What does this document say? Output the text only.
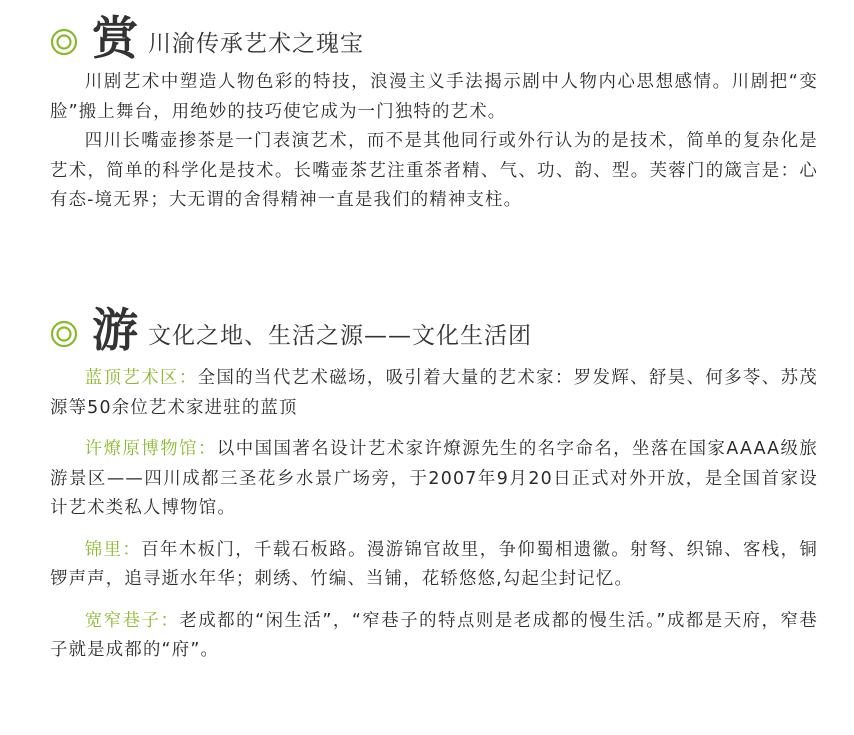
赏 川渝传承艺术之瑰宝

川剧艺术中塑造人物色彩的特技，浪漫主义手法揭示剧中人物内心思想感情。川剧把“变脸”搬上舞台，用绝妙的技巧使它成为一门独特的艺术。

四川长嘴壶掺茶是一门表演艺术，而不是其他同行或外行认为的是技术，简单的复杂化是艺术，简单的科学化是技术。长嘴壶茶艺注重茶者精、气、功、韵、型。芙蓉门的箴言是：心有态-境无界；大无谓的舍得精神一直是我们的精神支柱。

游 文化之地、生活之源——文化生活团

蓝顶艺术区：全国的当代艺术磁场，吸引着大量的艺术家：罗发辉、舒昊、何多苓、苏茂源等50余位艺术家进驻的蓝顶

许燎原博物馆：以中国国著名设计艺术家许燎源先生的名字命名，坐落在国家AAAA级旅游景区——四川成都三圣花乡水景广场旁，于2007年9月20日正式对外开放，是全国首家设计艺术类私人博物馆。

锦里：百年木板门，千载石板路。漫游锦官故里，争仰蜀相遗徽。射弩、织锦、客栈，铜锣声声，追寻逝水年华；刺绣、竹编、当铺，花轿悠悠,勾起尘封记忆。

宽窄巷子：老成都的“闲生活”，“窄巷子的特点则是老成都的慢生活。”成都是天府，窄巷子就是成都的“府”。
